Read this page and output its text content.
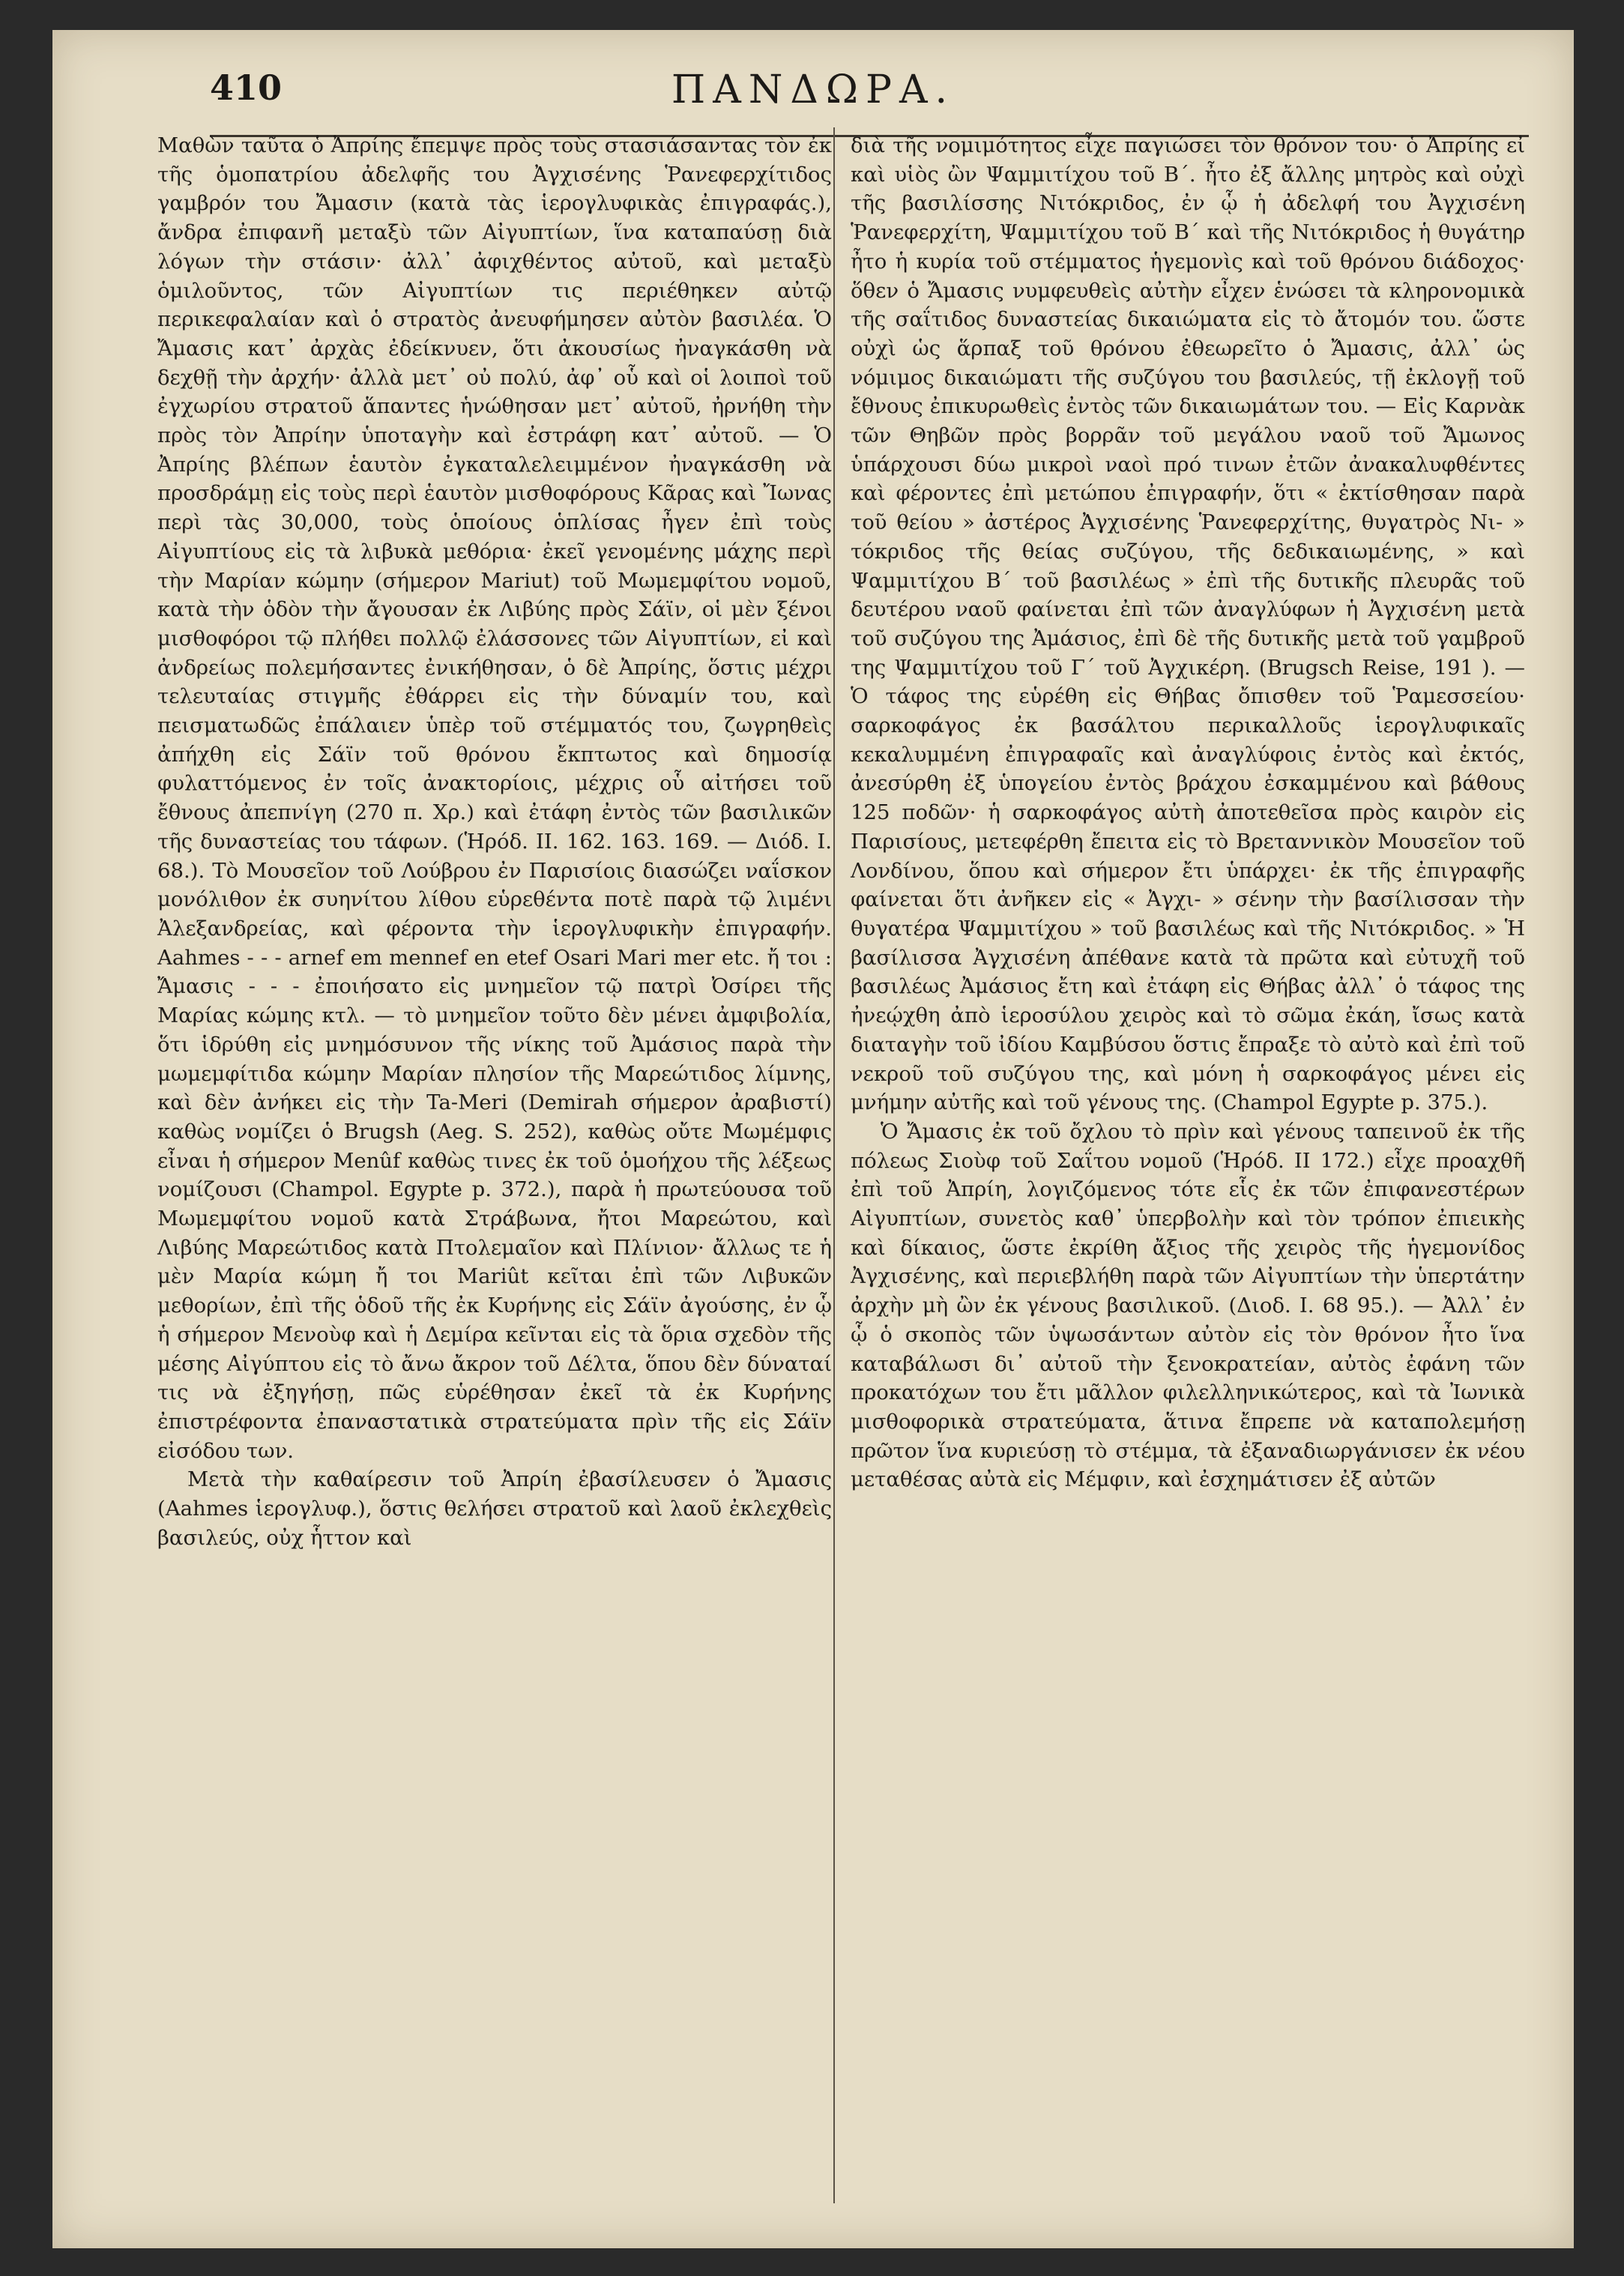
410	ΠΑΝΔΩΡΑ.

Μαθὼν ταῦτα ὁ Ἀπρίης ἔπεμψε πρὸς τοὺς στασιάσαντας τὸν ἐκ τῆς ὁμοπατρίου ἀδελφῆς του Ἀγχισένης Ῥανεφερχίτιδος γαμβρόν του Ἄμασιν (κατὰ τὰς ἱερογλυφικὰς ἐπιγραφάς.), ἄνδρα ἐπιφανῆ μεταξὺ τῶν Αἰγυπτίων, ἵνα καταπαύσῃ διὰ λόγων τὴν στάσιν· ἀλλ᾽ ἀφιχθέντος αὐτοῦ, καὶ μεταξὺ ὁμιλοῦντος, τῶν Αἰγυπτίων τις περιέθηκεν αὐτῷ περικεφαλαίαν καὶ ὁ στρατὸς ἀνευφήμησεν αὐτὸν βασιλέα. Ὁ Ἄμασις κατ᾽ ἀρχὰς ἐδείκνυεν, ὅτι ἀκουσίως ἠναγκάσθη νὰ δεχθῇ τὴν ἀρχήν· ἀλλὰ μετ᾽ οὐ πολύ, ἀφ᾽ οὗ καὶ οἱ λοιποὶ τοῦ ἐγχωρίου στρατοῦ ἅπαντες ἡνώθησαν μετ᾽ αὐτοῦ, ἠρνήθη τὴν πρὸς τὸν Ἀπρίην ὑποταγὴν καὶ ἐστράφη κατ᾽ αὐτοῦ. — Ὁ Ἀπρίης βλέπων ἑαυτὸν ἐγκαταλελειμμένον ἠναγκάσθη νὰ προσδράμῃ εἰς τοὺς περὶ ἑαυτὸν μισθοφόρους Κᾶρας καὶ Ἴωνας περὶ τὰς 30,000, τοὺς ὁποίους ὁπλίσας ἦγεν ἐπὶ τοὺς Αἰγυπτίους εἰς τὰ λιβυκὰ μεθόρια· ἐκεῖ γενομένης μάχης περὶ τὴν Μαρίαν κώμην (σήμερον Mariut) τοῦ Μωμεμφίτου νομοῦ, κατὰ τὴν ὁδὸν τὴν ἄγουσαν ἐκ Λιβύης πρὸς Σάϊν, οἱ μὲν ξένοι μισθοφόροι τῷ πλήθει πολλῷ ἐλάσσονες τῶν Αἰγυπτίων, εἰ καὶ ἀνδρείως πολεμήσαντες ἐνικήθησαν, ὁ δὲ Ἀπρίης, ὅστις μέχρι τελευταίας στιγμῆς ἐθάρρει εἰς τὴν δύναμίν του, καὶ πεισματωδῶς ἐπάλαιεν ὑπὲρ τοῦ στέμματός του, ζωγρηθεὶς ἀπήχθη εἰς Σάϊν τοῦ θρόνου ἔκπτωτος καὶ δημοσίᾳ φυλαττόμενος ἐν τοῖς ἀνακτορίοις, μέχρις οὗ αἰτήσει τοῦ ἔθνους ἀπεπνίγη (270 π. Χρ.) καὶ ἐτάφη ἐντὸς τῶν βασιλικῶν τῆς δυναστείας του τάφων. (Ἡρόδ. II. 162. 163. 169. — Διόδ. I. 68.). Τὸ Μουσεῖον τοῦ Λούβρου ἐν Παρισίοις διασώζει ναΐσκον μονόλιθον ἐκ συηνίτου λίθου εὑρεθέντα ποτὲ παρὰ τῷ λιμένι Ἀλεξανδρείας, καὶ φέροντα τὴν ἱερογλυφικὴν ἐπιγραφήν. Aahmes - - - arnef em mennef en etef Osari Mari mer etc. ἤ τοι : Ἄμασις - - - ἐποιήσατο εἰς μνημεῖον τῷ πατρὶ Ὀσίρει τῆς Μαρίας κώμης κτλ. — τὸ μνημεῖον τοῦτο δὲν μένει ἀμφιβολία, ὅτι ἱδρύθη εἰς μνημόσυνον τῆς νίκης τοῦ Ἀμάσιος παρὰ τὴν μωμεμφίτιδα κώμην Μαρίαν πλησίον τῆς Μαρεώτιδος λίμνης, καὶ δὲν ἀνήκει εἰς τὴν Ta-Meri (Demirah σήμερον ἀραβιστί) καθὼς νομίζει ὁ Brugsh (Aeg. S. 252), καθὼς οὔτε Μωμέμφις εἶναι ἡ σήμερον Menûf καθὼς τινες ἐκ τοῦ ὁμοήχου τῆς λέξεως νομίζουσι (Champol. Egypte p. 372.), παρὰ ἡ πρωτεύουσα τοῦ Μωμεμφίτου νομοῦ κατὰ Στράβωνα, ἤτοι Μαρεώτου, καὶ Λιβύης Μαρεώτιδος κατὰ Πτολεμαῖον καὶ Πλίνιον· ἄλλως τε ἡ μὲν Μαρία κώμη ἤ τοι Mariût κεῖται ἐπὶ τῶν Λιβυκῶν μεθορίων, ἐπὶ τῆς ὁδοῦ τῆς ἐκ Κυρήνης εἰς Σάϊν ἀγούσης, ἐν ᾧ ἡ σήμερον Μενοὺφ καὶ ἡ Δεμίρα κεῖνται εἰς τὰ ὅρια σχεδὸν τῆς μέσης Αἰγύπτου εἰς τὸ ἄνω ἄκρον τοῦ Δέλτα, ὅπου δὲν δύναταί τις νὰ ἐξηγήσῃ, πῶς εὑρέθησαν ἐκεῖ τὰ ἐκ Κυρήνης ἐπιστρέφοντα ἐπαναστατικὰ στρατεύματα πρὶν τῆς εἰς Σάϊν εἰσόδου των.

Μετὰ τὴν καθαίρεσιν τοῦ Ἀπρίη ἐβασίλευσεν ὁ Ἄμασις (Aahmes ἱερογλυφ.), ὅστις θελήσει στρατοῦ καὶ λαοῦ ἐκλεχθεὶς βασιλεύς, οὐχ ἧττον καὶ

διὰ τῆς νομιμότητος εἶχε παγιώσει τὸν θρόνον του· ὁ Ἀπρίης εἰ καὶ υἱὸς ὢν Ψαμμιτίχου τοῦ Β΄. ἦτο ἐξ ἄλλης μητρὸς καὶ οὐχὶ τῆς βασιλίσσης Νιτόκριδος, ἐν ᾧ ἡ ἀδελφή του Ἀγχισένη Ῥανεφερχίτη, Ψαμμιτίχου τοῦ Β΄ καὶ τῆς Νιτόκριδος ἡ θυγάτηρ ἦτο ἡ κυρία τοῦ στέμματος ἡγεμονὶς καὶ τοῦ θρόνου διάδοχος· ὅθεν ὁ Ἄμασις νυμφευθεὶς αὐτὴν εἶχεν ἑνώσει τὰ κληρονομικὰ τῆς σαΐτιδος δυναστείας δικαιώματα εἰς τὸ ἄτομόν του. ὥστε οὐχὶ ὡς ἅρπαξ τοῦ θρόνου ἐθεωρεῖτο ὁ Ἄμασις, ἀλλ᾽ ὡς νόμιμος δικαιώματι τῆς συζύγου του βασιλεύς, τῇ ἐκλογῇ τοῦ ἔθνους ἐπικυρωθεὶς ἐντὸς τῶν δικαιωμάτων του. — Εἰς Καρνὰκ τῶν Θηβῶν πρὸς βορρᾶν τοῦ μεγάλου ναοῦ τοῦ Ἄμωνος ὑπάρχουσι δύω μικροὶ ναοὶ πρό τινων ἐτῶν ἀνακαλυφθέντες καὶ φέροντες ἐπὶ μετώπου ἐπιγραφήν, ὅτι « ἐκτίσθησαν παρὰ τοῦ θείου » ἀστέρος Ἀγχισένης Ῥανεφερχίτης, θυγατρὸς Νι- » τόκριδος τῆς θείας συζύγου, τῆς δεδικαιωμένης, » καὶ Ψαμμιτίχου Β΄ τοῦ βασιλέως » ἐπὶ τῆς δυτικῆς πλευρᾶς τοῦ δευτέρου ναοῦ φαίνεται ἐπὶ τῶν ἀναγλύφων ἡ Ἀγχισένη μετὰ τοῦ συζύγου της Ἀμάσιος, ἐπὶ δὲ τῆς δυτικῆς μετὰ τοῦ γαμβροῦ της Ψαμμιτίχου τοῦ Γ΄ τοῦ Ἀγχικέρη. (Brugsch Reise, 191 ). — Ὁ τάφος της εὑρέθη εἰς Θήβας ὄπισθεν τοῦ Ῥαμεσσείου· σαρκοφάγος ἐκ βασάλτου περικαλλοῦς ἱερογλυφικαῖς κεκαλυμμένη ἐπιγραφαῖς καὶ ἀναγλύφοις ἐντὸς καὶ ἐκτός, ἀνεσύρθη ἐξ ὑπογείου ἐντὸς βράχου ἐσκαμμένου καὶ βάθους 125 ποδῶν· ἡ σαρκοφάγος αὐτὴ ἀποτεθεῖσα πρὸς καιρὸν εἰς Παρισίους, μετεφέρθη ἔπειτα εἰς τὸ Βρεταννικὸν Μουσεῖον τοῦ Λονδίνου, ὅπου καὶ σήμερον ἔτι ὑπάρχει· ἐκ τῆς ἐπιγραφῆς φαίνεται ὅτι ἀνῆκεν εἰς « Ἀγχι- » σένην τὴν βασίλισσαν τὴν θυγατέρα Ψαμμιτίχου » τοῦ βασιλέως καὶ τῆς Νιτόκριδος. » Ἡ βασίλισσα Ἀγχισένη ἀπέθανε κατὰ τὰ πρῶτα καὶ εὐτυχῆ τοῦ βασιλέως Ἀμάσιος ἔτη καὶ ἐτάφη εἰς Θήβας ἀλλ᾽ ὁ τάφος της ἠνεῴχθη ἀπὸ ἱεροσύλου χειρὸς καὶ τὸ σῶμα ἐκάη, ἴσως κατὰ διαταγὴν τοῦ ἰδίου Καμβύσου ὅστις ἔπραξε τὸ αὐτὸ καὶ ἐπὶ τοῦ νεκροῦ τοῦ συζύγου της, καὶ μόνη ἡ σαρκοφάγος μένει εἰς μνήμην αὐτῆς καὶ τοῦ γένους της. (Champol Egypte p. 375.).

Ὁ Ἄμασις ἐκ τοῦ ὄχλου τὸ πρὶν καὶ γένους ταπεινοῦ ἐκ τῆς πόλεως Σιοὺφ τοῦ Σαΐτου νομοῦ (Ἡρόδ. II 172.) εἶχε προαχθῆ ἐπὶ τοῦ Ἀπρίη, λογιζόμενος τότε εἷς ἐκ τῶν ἐπιφανεστέρων Αἰγυπτίων, συνετὸς καθ᾽ ὑπερβολὴν καὶ τὸν τρόπον ἐπιεικὴς καὶ δίκαιος, ὥστε ἐκρίθη ἄξιος τῆς χειρὸς τῆς ἡγεμονίδος Ἀγχισένης, καὶ περιεβλήθη παρὰ τῶν Αἰγυπτίων τὴν ὑπερτάτην ἀρχὴν μὴ ὢν ἐκ γένους βασιλικοῦ. (Διοδ. I. 68 95.). — Ἀλλ᾽ ἐν ᾧ ὁ σκοπὸς τῶν ὑψωσάντων αὐτὸν εἰς τὸν θρόνον ἦτο ἵνα καταβάλωσι δι᾽ αὐτοῦ τὴν ξενοκρατείαν, αὐτὸς ἐφάνη τῶν προκατόχων του ἔτι μᾶλλον φιλελληνικώτερος, καὶ τὰ Ἰωνικὰ μισθοφορικὰ στρατεύματα, ἅτινα ἔπρεπε νὰ καταπολεμήσῃ πρῶτον ἵνα κυριεύσῃ τὸ στέμμα, τὰ ἐξαναδιωργάνισεν ἐκ νέου μεταθέσας αὐτὰ εἰς Μέμφιν, καὶ ἐσχημάτισεν ἐξ αὐτῶν
